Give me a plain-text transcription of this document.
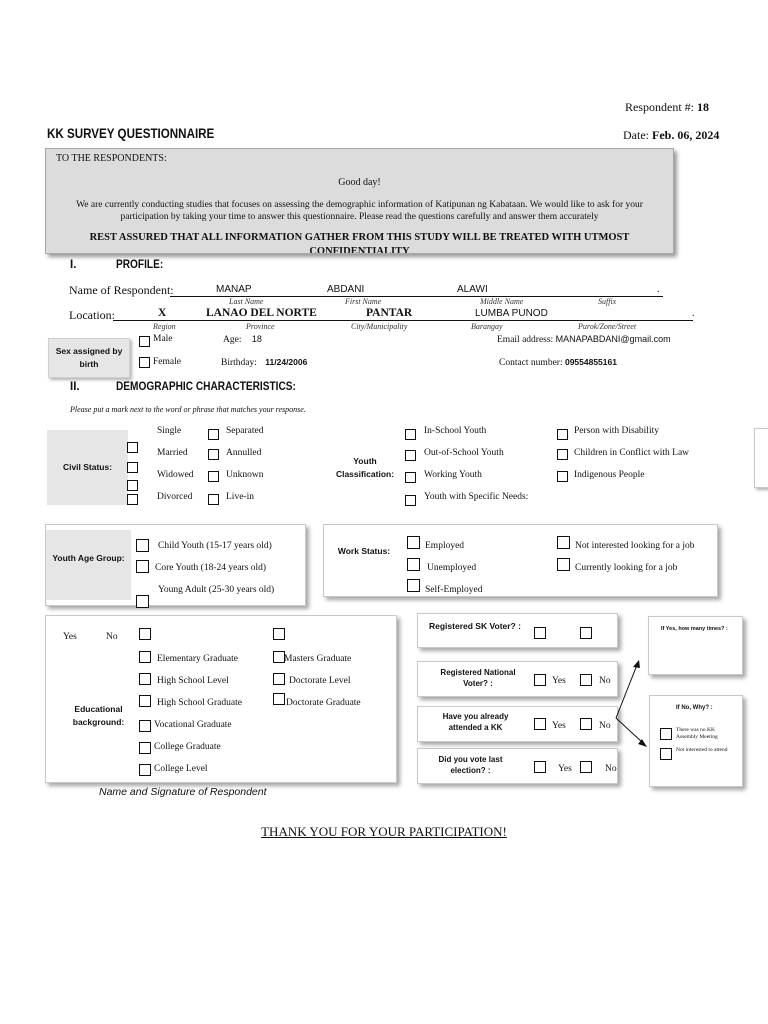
Respondent #: 18
KK SURVEY QUESTIONNAIRE	Date: Feb. 06, 2024
TO THE RESPONDENTS:
Good day!
We are currently conducting studies that focuses on assessing the demographic information of Katipunan ng Kabataan. We would like to ask for your participation by taking your time to answer this questionnaire. Please read the questions carefully and answer them accurately
REST ASSURED THAT ALL INFORMATION GATHER FROM THIS STUDY WILL BE TREATED WITH UTMOST CONFIDENTIALITY
I.	PROFILE:
Name of Respondent:	MANAP	ABDANI	ALAWI	.
Last Name	First Name	Middle Name	Suffix
Location:	X	LANAO DEL NORTE	PANTAR	LUMBA PUNOD	.
Region	Province	City/Municipality	Barangay	Purok/Zone/Street
Sex assigned by birth
Male
Female
Age: 18
Birthday: 11/24/2006
Email address: MANAPABDANI@gmail.com
Contact number: 09554855161
II.	DEMOGRAPHIC CHARACTERISTICS:
Please put a mark next to the word or phrase that matches your response.
Civil Status:
Single
Married
Widowed
Divorced
Separated
Annulled
Unknown
Live-in
Youth Classification:
In-School Youth
Out-of-School Youth
Working Youth
Youth with Specific Needs:
Person with Disability
Children in Conflict with Law
Indigenous People
Youth Age Group:
Child Youth (15-17 years old)
Core Youth (18-24 years old)
Young Adult (25-30 years old)
Work Status:	Employed
Unemployed
Self-Employed
Not interested looking for a job
Currently looking for a job
Yes	No
Educational background:
Elementary Graduate
High School Level
High School Graduate
Vocational Graduate
College Graduate
College Level
Masters Graduate
Doctorate Level
Doctorate Graduate
Registered SK Voter? :
Registered National Voter? :	Yes	No
Have you already attended a KK	Yes	No
Did you vote last election? :	Yes	No
If Yes, how many times? :
If No, Why? :
There was no KK Assembly Meeting
Not interested to attend
Name and Signature of Respondent
THANK YOU FOR YOUR PARTICIPATION!
